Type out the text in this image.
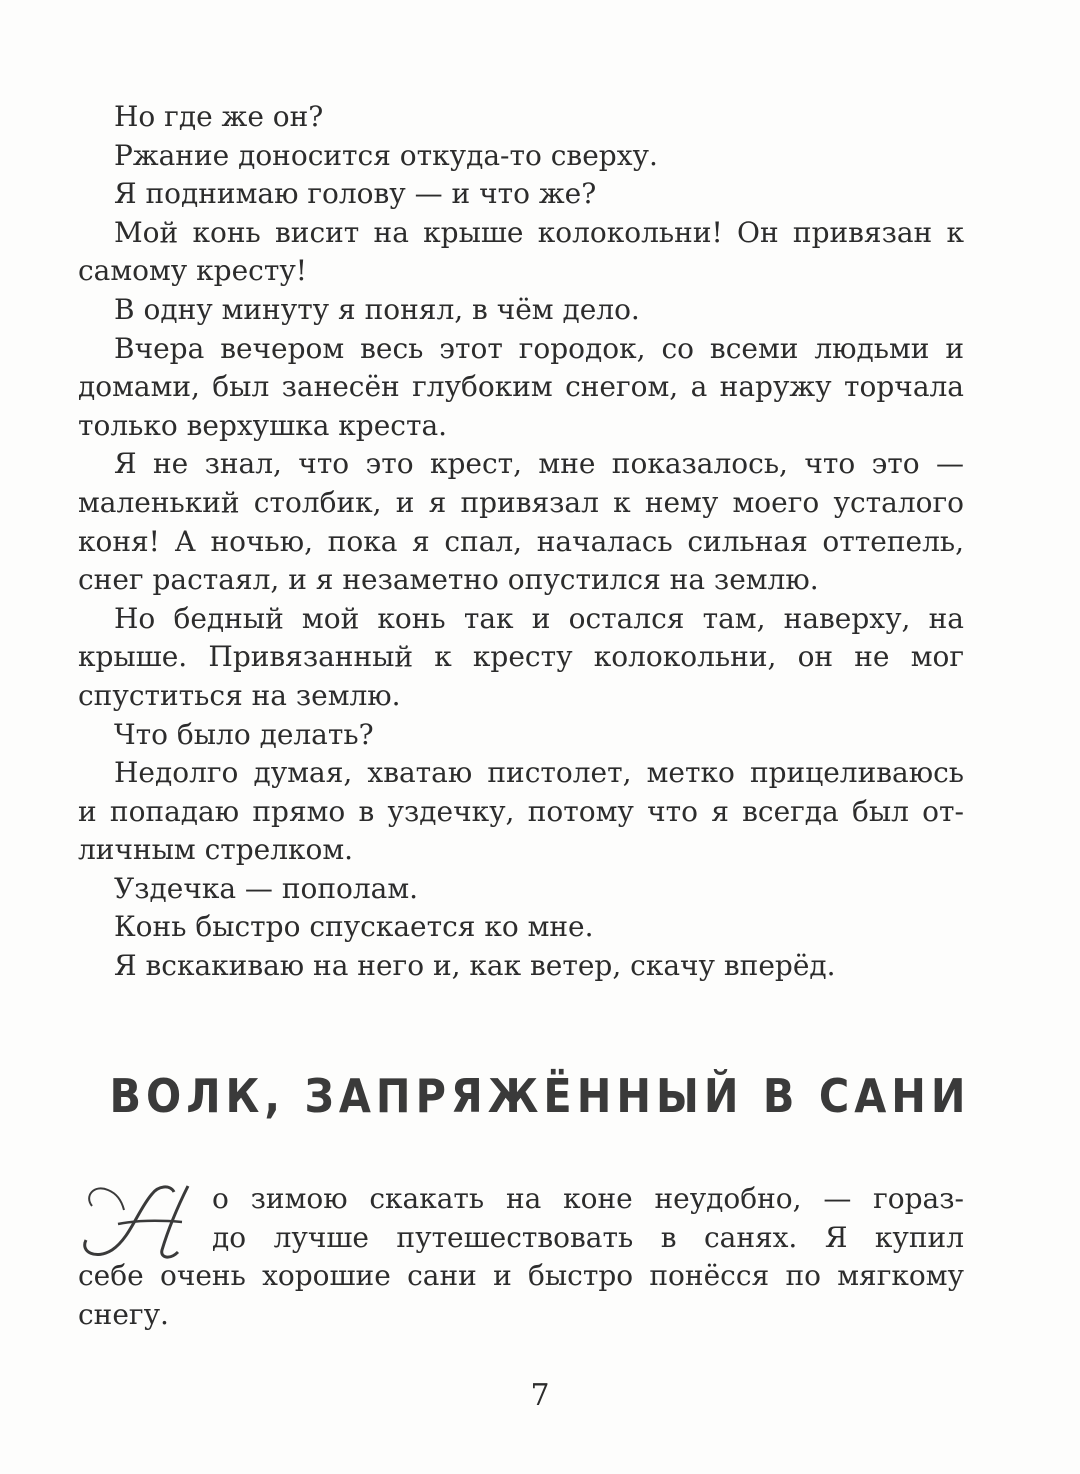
Но где же он?
Ржание доносится откуда-то сверху.
Я поднимаю голову — и что же?
Мой конь висит на крыше колокольни! Он привязан к
самому кресту!
В одну минуту я понял, в чём дело.
Вчера вечером весь этот городок, со всеми людьми и
домами, был занесён глубоким снегом, а наружу торчала
только верхушка креста.
Я не знал, что это крест, мне показалось, что это —
маленький столбик, и я привязал к нему моего усталого
коня! А ночью, пока я спал, началась сильная оттепель,
снег растаял, и я незаметно опустился на землю.
Но бедный мой конь так и остался там, наверху, на
крыше. Привязанный к кресту колокольни, он не мог
спуститься на землю.
Что было делать?
Недолго думая, хватаю пистолет, метко прицеливаюсь
и попадаю прямо в уздечку, потому что я всегда был от-
личным стрелком.
Уздечка — пополам.
Конь быстро спускается ко мне.
Я вскакиваю на него и, как ветер, скачу вперёд.
ВОЛК, ЗАПРЯЖЁННЫЙ В САНИ
о зимою скакать на коне неудобно, — гораз-
до лучше путешествовать в санях. Я купил
себе очень хорошие сани и быстро понёсся по мягкому
снегу.
7
